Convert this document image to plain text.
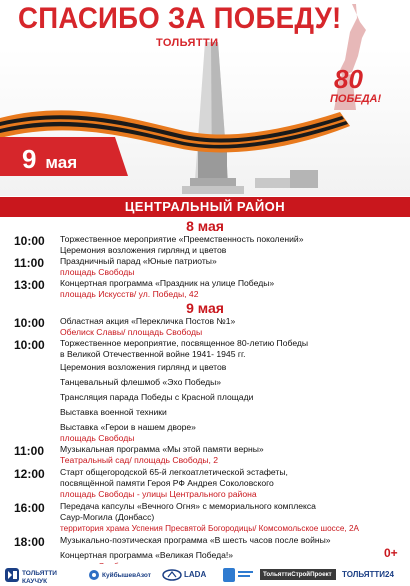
СПАСИБО ЗА ПОБЕДУ!
ТОЛЬЯТТИ
80
ПОБЕДА!
9 мая
ЦЕНТРАЛЬНЫЙ РАЙОН
8 мая
10:00 Торжественное мероприятие «Преемственность поколений»
Церемония возложения гирлянд и цветов
11:00 Праздничный парад «Юные патриоты»
площадь Свободы
13:00 Концертная программа «Праздник на улице Победы»
площадь Искусств/ ул. Победы, 42
9 мая
10:00 Областная акция «Перекличка Постов №1»
Обелиск Славы/ площадь Свободы
10:00 Торжественное мероприятие, посвященное 80-летию Победы
в Великой Отечественной войне 1941- 1945 гг.
Церемония возложения гирлянд и цветов
Танцевальный флешмоб «Эхо Победы»
Трансляция парада Победы с Красной площади
Выставка военной техники
Выставка «Герои в нашем дворе»
площадь Свободы
11:00 Музыкальная программа «Мы этой памяти верны»
Театральный сад/ площадь Свободы, 2
12:00 Старт общегородской 65-й легкоатлетической эстафеты,
посвящённой памяти Героя РФ Андрея Соколовского
площадь Свободы - улицы Центрального района
16:00 Передача капсулы «Вечного Огня» с мемориального комплекса
Саур-Могила (Донбасс)
территория храма Успения Пресвятой Богородицы/ Комсомольское шоссе, 2А
18:00 Музыкально-поэтическая программа «В шесть часов после войны»
Концертная программа «Великая Победа!»	0+
ТОЛЬЯТТИ КАУЧУК
КуйбышевАзот	LADA	ТольяттиСтройПроект ТОЛЬЯТТИ24
